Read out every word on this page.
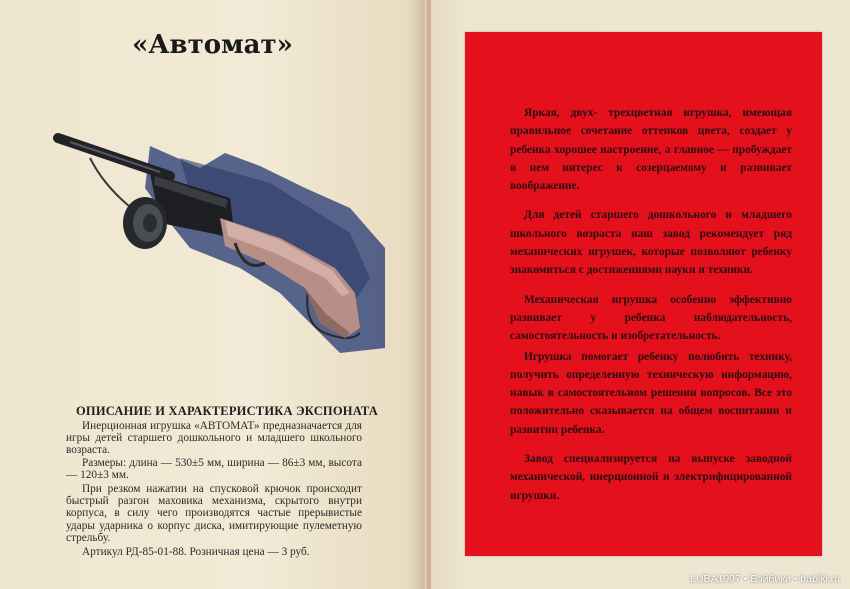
«Автомат»
ОПИСАНИЕ И ХАРАКТЕРИСТИКА ЭКСПОНАТА

Инерционная игрушка «АВТОМАТ» предназначается для игры детей старшего дошкольного и младшего школьного возраста.

Размеры: длина — 530±5 мм, ширина — 86±3 мм, высота — 120±3 мм.

При резком нажатии на спусковой крючок происходит быстрый разгон маховика механизма, скрытого внутри корпуса, в силу чего производятся частые прерывистые удары ударника о корпус диска, имитирующие пулеметную стрельбу.

Артикул РД-85-01-88. Розничная цена — 3 руб.

Яркая, двух- трехцветная игрушка, имеющая правильное сочетание оттенков цвета, создает у ребенка хорошее настроение, а главное — пробуждает в нем интерес к созерцаемому и развивает воображение.

Для детей старшего дошкольного и младшего школьного возраста наш завод рекомендует ряд механических игрушек, которые позволяют ребенку знакомиться с достижениями науки и техники.

Механическая игрушка особенно эффективно развивает у ребенка наблюдательность, самостоятельность и изобретательность.

Игрушка помогает ребенку полюбить технику, получить определенную техническую информацию, навык в самостоятельном решении вопросов. Все это положительно сказывается на общем воспитании и развитии ребенка.

Завод специализируется на выпуске заводной механической, инерционной и электрифицированной игрушки.

LUBA1997 • Бэйбики • babiki.ru
